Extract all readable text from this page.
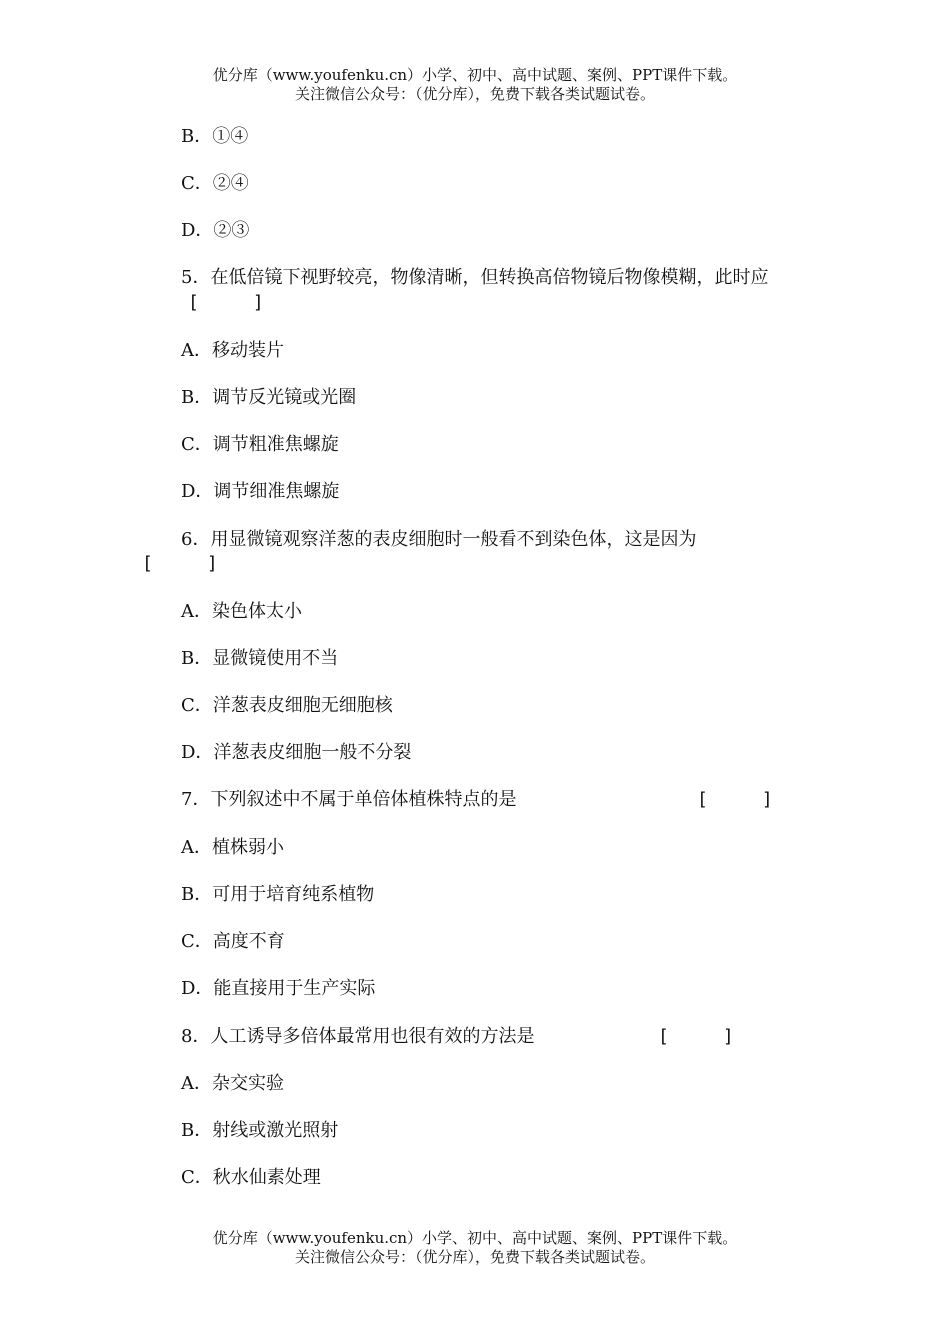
优分库（www.youfenku.cn）小学、初中、高中试题、案例、PPT课件下载。
关注微信公众号：（优分库），免费下载各类试题试卷。
B．①④
C．②④
D．②③
5．在低倍镜下视野较亮，物像清晰，但转换高倍物镜后物像模糊，此时应
[　　　]
A．移动装片
B．调节反光镜或光圈
C．调节粗准焦螺旋
D．调节细准焦螺旋
6．用显微镜观察洋葱的表皮细胞时一般看不到染色体，这是因为
[　　　]
A．染色体太小
B．显微镜使用不当
C．洋葱表皮细胞无细胞核
D．洋葱表皮细胞一般不分裂
7．下列叙述中不属于单倍体植株特点的是	[　　　]
A．植株弱小
B．可用于培育纯系植物
C．高度不育
D．能直接用于生产实际
8．人工诱导多倍体最常用也很有效的方法是	[　　　]
A．杂交实验
B．射线或激光照射
C．秋水仙素处理
优分库（www.youfenku.cn）小学、初中、高中试题、案例、PPT课件下载。
关注微信公众号：（优分库），免费下载各类试题试卷。
